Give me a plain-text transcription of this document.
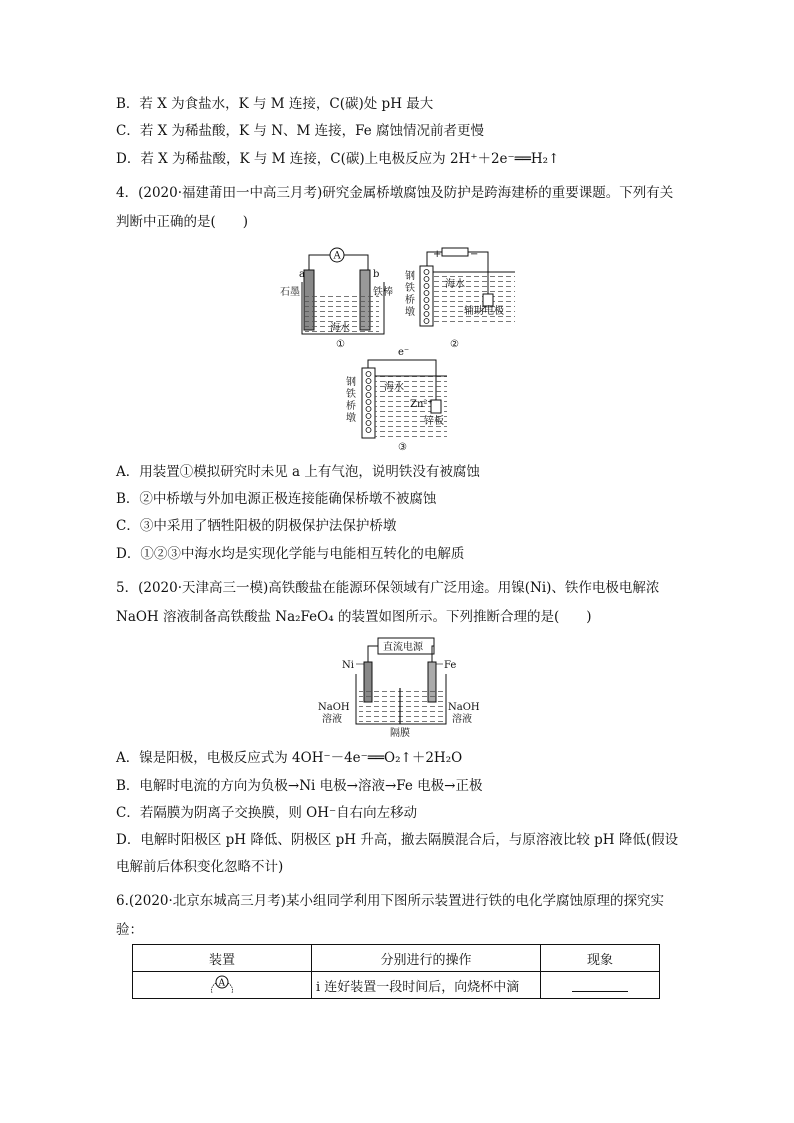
B．若 X 为食盐水，K 与 M 连接，C(碳)处 pH 最大
C．若 X 为稀盐酸，K 与 N、M 连接，Fe 腐蚀情况前者更慢
D．若 X 为稀盐酸，K 与 M 连接，C(碳)上电极反应为 2H⁺＋2e⁻══H₂↑
4．(2020·福建莆田一中高三月考)研究金属桥墩腐蚀及防护是跨海建桥的重要课题。下列有关
判断中正确的是(　　)
A
a	b
石墨	铁棒
海水
①
+	−
钢
铁
桥
墩
海水
辅助电极
②
e⁻
钢
铁
桥
墩
海水
Zn²⁺
锌板
③
A．用装置①模拟研究时未见 a 上有气泡，说明铁没有被腐蚀
B．②中桥墩与外加电源正极连接能确保桥墩不被腐蚀
C．③中采用了牺牲阳极的阴极保护法保护桥墩
D．①②③中海水均是实现化学能与电能相互转化的电解质
5．(2020·天津高三一模)高铁酸盐在能源环保领域有广泛用途。用镍(Ni)、铁作电极电解浓
NaOH 溶液制备高铁酸盐 Na₂FeO₄ 的装置如图所示。下列推断合理的是(　　)
直流电源
Ni	Fe
NaOH
溶液
NaOH
溶液
隔膜
A．镍是阳极，电极反应式为 4OH⁻－4e⁻══O₂↑＋2H₂O
B．电解时电流的方向为负极→Ni 电极→溶液→Fe 电极→正极
C．若隔膜为阴离子交换膜，则 OH⁻自右向左移动
D．电解时阳极区 pH 降低、阴极区 pH 升高，撤去隔膜混合后，与原溶液比较 pH 降低(假设
电解前后体积变化忽略不计)
6.(2020·北京东城高三月考)某小组同学利用下图所示装置进行铁的电化学腐蚀原理的探究实
验：
装置	分别进行的操作	现象

A	i 连好装置一段时间后，向烧杯中滴	
